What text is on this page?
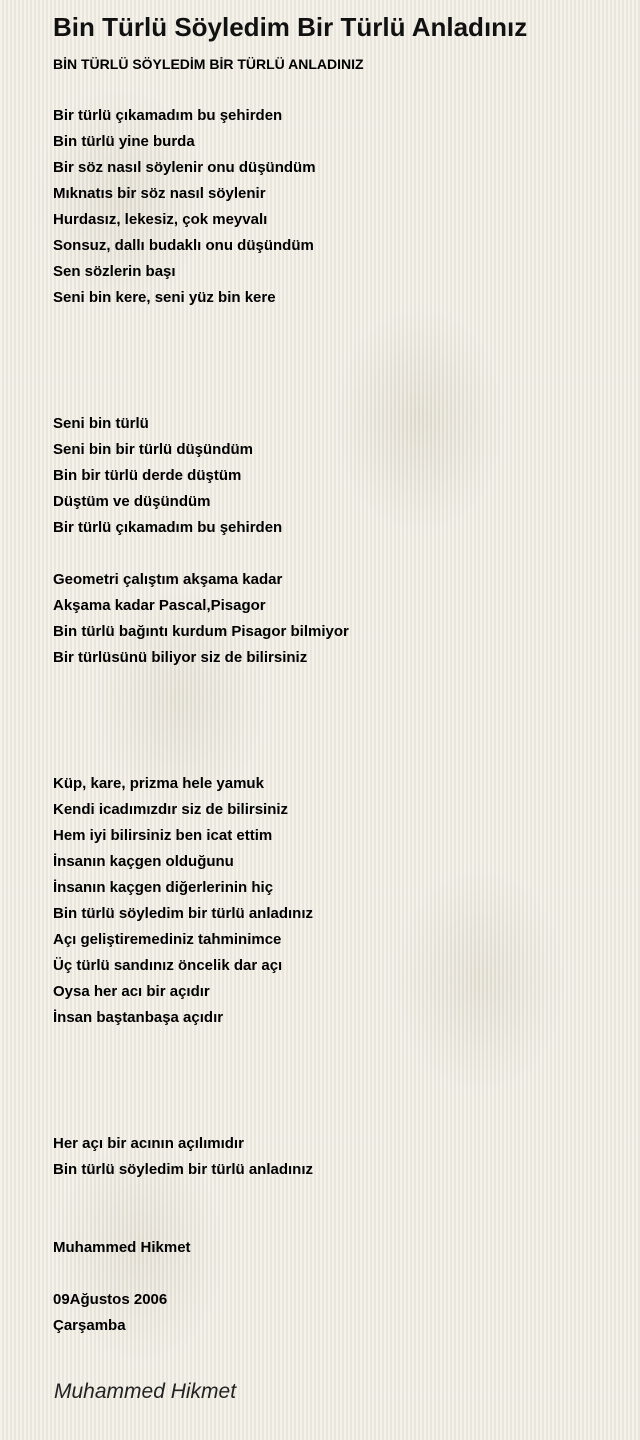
Bin Türlü Söyledim Bir Türlü Anladınız
BİN TÜRLÜ SÖYLEDİM BİR TÜRLÜ ANLADINIZ
Bir türlü çıkamadım bu şehirden
Bin türlü yine burda
Bir söz nasıl söylenir onu düşündüm
Mıknatıs bir söz nasıl söylenir
Hurdasız, lekesiz, çok meyvalı
Sonsuz, dallı budaklı onu düşündüm
Sen sözlerin başı
Seni bin kere, seni yüz bin kere
Seni bin türlü
Seni bin bir türlü düşündüm
Bin bir türlü derde düştüm
Düştüm ve düşündüm
Bir türlü çıkamadım bu şehirden
Geometri çalıştım akşama kadar
Akşama kadar Pascal,Pisagor
Bin türlü bağıntı kurdum Pisagor bilmiyor
Bir türlüsünü biliyor siz de bilirsiniz
Küp, kare, prizma hele yamuk
Kendi icadımızdır siz de bilirsiniz
Hem iyi bilirsiniz ben icat ettim
İnsanın kaçgen olduğunu
İnsanın kaçgen diğerlerinin hiç
Bin türlü söyledim bir türlü anladınız
Açı geliştiremediniz tahminimce
Üç türlü sandınız öncelik dar açı
Oysa her acı bir açıdır
İnsan baştanbaşa açıdır
Her açı bir acının açılımıdır
Bin türlü söyledim bir türlü anladınız
Muhammed Hikmet
09Ağustos 2006
Çarşamba
Muhammed Hikmet
